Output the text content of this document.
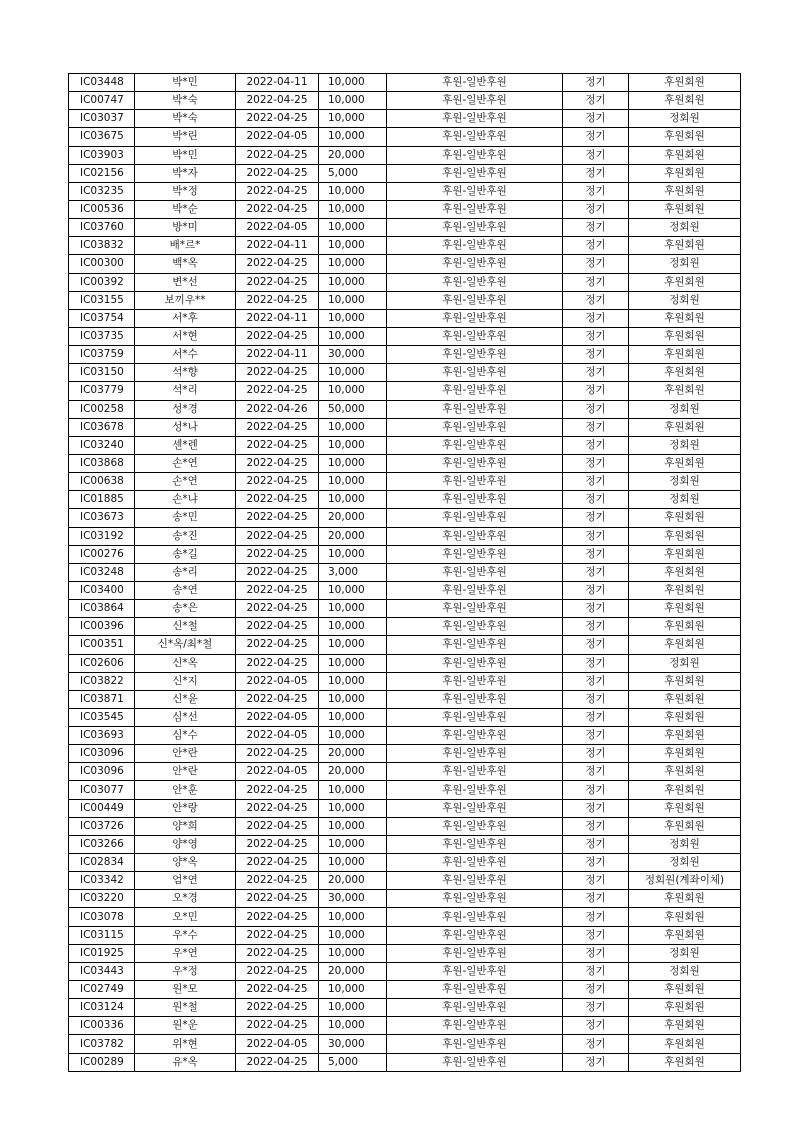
IC03448	박*민	2022-04-11	10,000	후원-일반후원	정기	후원회원
IC00747	박*숙	2022-04-25	10,000	후원-일반후원	정기	후원회원
IC03037	박*숙	2022-04-25	10,000	후원-일반후원	정기	정회원
IC03675	박*린	2022-04-05	10,000	후원-일반후원	정기	후원회원
IC03903	박*민	2022-04-25	20,000	후원-일반후원	정기	후원회원
IC02156	박*자	2022-04-25	5,000	후원-일반후원	정기	후원회원
IC03235	박*정	2022-04-25	10,000	후원-일반후원	정기	후원회원
IC00536	박*순	2022-04-25	10,000	후원-일반후원	정기	후원회원
IC03760	방*미	2022-04-05	10,000	후원-일반후원	정기	정회원
IC03832	배*르*	2022-04-11	10,000	후원-일반후원	정기	후원회원
IC00300	백*옥	2022-04-25	10,000	후원-일반후원	정기	정회원
IC00392	변*선	2022-04-25	10,000	후원-일반후원	정기	후원회원
IC03155	보끼우**	2022-04-25	10,000	후원-일반후원	정기	정회원
IC03754	서*후	2022-04-11	10,000	후원-일반후원	정기	후원회원
IC03735	서*현	2022-04-25	10,000	후원-일반후원	정기	후원회원
IC03759	서*수	2022-04-11	30,000	후원-일반후원	정기	후원회원
IC03150	석*향	2022-04-25	10,000	후원-일반후원	정기	후원회원
IC03779	석*리	2022-04-25	10,000	후원-일반후원	정기	후원회원
IC00258	성*경	2022-04-26	50,000	후원-일반후원	정기	정회원
IC03678	성*나	2022-04-25	10,000	후원-일반후원	정기	후원회원
IC03240	센*렌	2022-04-25	10,000	후원-일반후원	정기	정회원
IC03868	손*연	2022-04-25	10,000	후원-일반후원	정기	후원회원
IC00638	손*연	2022-04-25	10,000	후원-일반후원	정기	정회원
IC01885	손*냐	2022-04-25	10,000	후원-일반후원	정기	정회원
IC03673	송*민	2022-04-25	20,000	후원-일반후원	정기	후원회원
IC03192	송*진	2022-04-25	20,000	후원-일반후원	정기	후원회원
IC00276	송*길	2022-04-25	10,000	후원-일반후원	정기	후원회원
IC03248	송*리	2022-04-25	3,000	후원-일반후원	정기	후원회원
IC03400	송*연	2022-04-25	10,000	후원-일반후원	정기	후원회원
IC03864	송*은	2022-04-25	10,000	후원-일반후원	정기	후원회원
IC00396	신*철	2022-04-25	10,000	후원-일반후원	정기	후원회원
IC00351	신*옥/최*철	2022-04-25	10,000	후원-일반후원	정기	후원회원
IC02606	신*옥	2022-04-25	10,000	후원-일반후원	정기	정회원
IC03822	신*지	2022-04-05	10,000	후원-일반후원	정기	후원회원
IC03871	신*윤	2022-04-25	10,000	후원-일반후원	정기	후원회원
IC03545	심*선	2022-04-05	10,000	후원-일반후원	정기	후원회원
IC03693	심*수	2022-04-05	10,000	후원-일반후원	정기	후원회원
IC03096	안*란	2022-04-25	20,000	후원-일반후원	정기	후원회원
IC03096	안*란	2022-04-05	20,000	후원-일반후원	정기	후원회원
IC03077	안*훈	2022-04-25	10,000	후원-일반후원	정기	후원회원
IC00449	안*랑	2022-04-25	10,000	후원-일반후원	정기	후원회원
IC03726	양*희	2022-04-25	10,000	후원-일반후원	정기	후원회원
IC03266	양*영	2022-04-25	10,000	후원-일반후원	정기	정회원
IC02834	양*옥	2022-04-25	10,000	후원-일반후원	정기	정회원
IC03342	엄*연	2022-04-25	20,000	후원-일반후원	정기	정회원(계좌이체)
IC03220	오*경	2022-04-25	30,000	후원-일반후원	정기	후원회원
IC03078	오*민	2022-04-25	10,000	후원-일반후원	정기	후원회원
IC03115	우*수	2022-04-25	10,000	후원-일반후원	정기	후원회원
IC01925	우*연	2022-04-25	10,000	후원-일반후원	정기	정회원
IC03443	우*정	2022-04-25	20,000	후원-일반후원	정기	정회원
IC02749	원*모	2022-04-25	10,000	후원-일반후원	정기	후원회원
IC03124	원*철	2022-04-25	10,000	후원-일반후원	정기	후원회원
IC00336	원*운	2022-04-25	10,000	후원-일반후원	정기	후원회원
IC03782	위*현	2022-04-05	30,000	후원-일반후원	정기	후원회원
IC00289	유*옥	2022-04-25	5,000	후원-일반후원	정기	후원회원
